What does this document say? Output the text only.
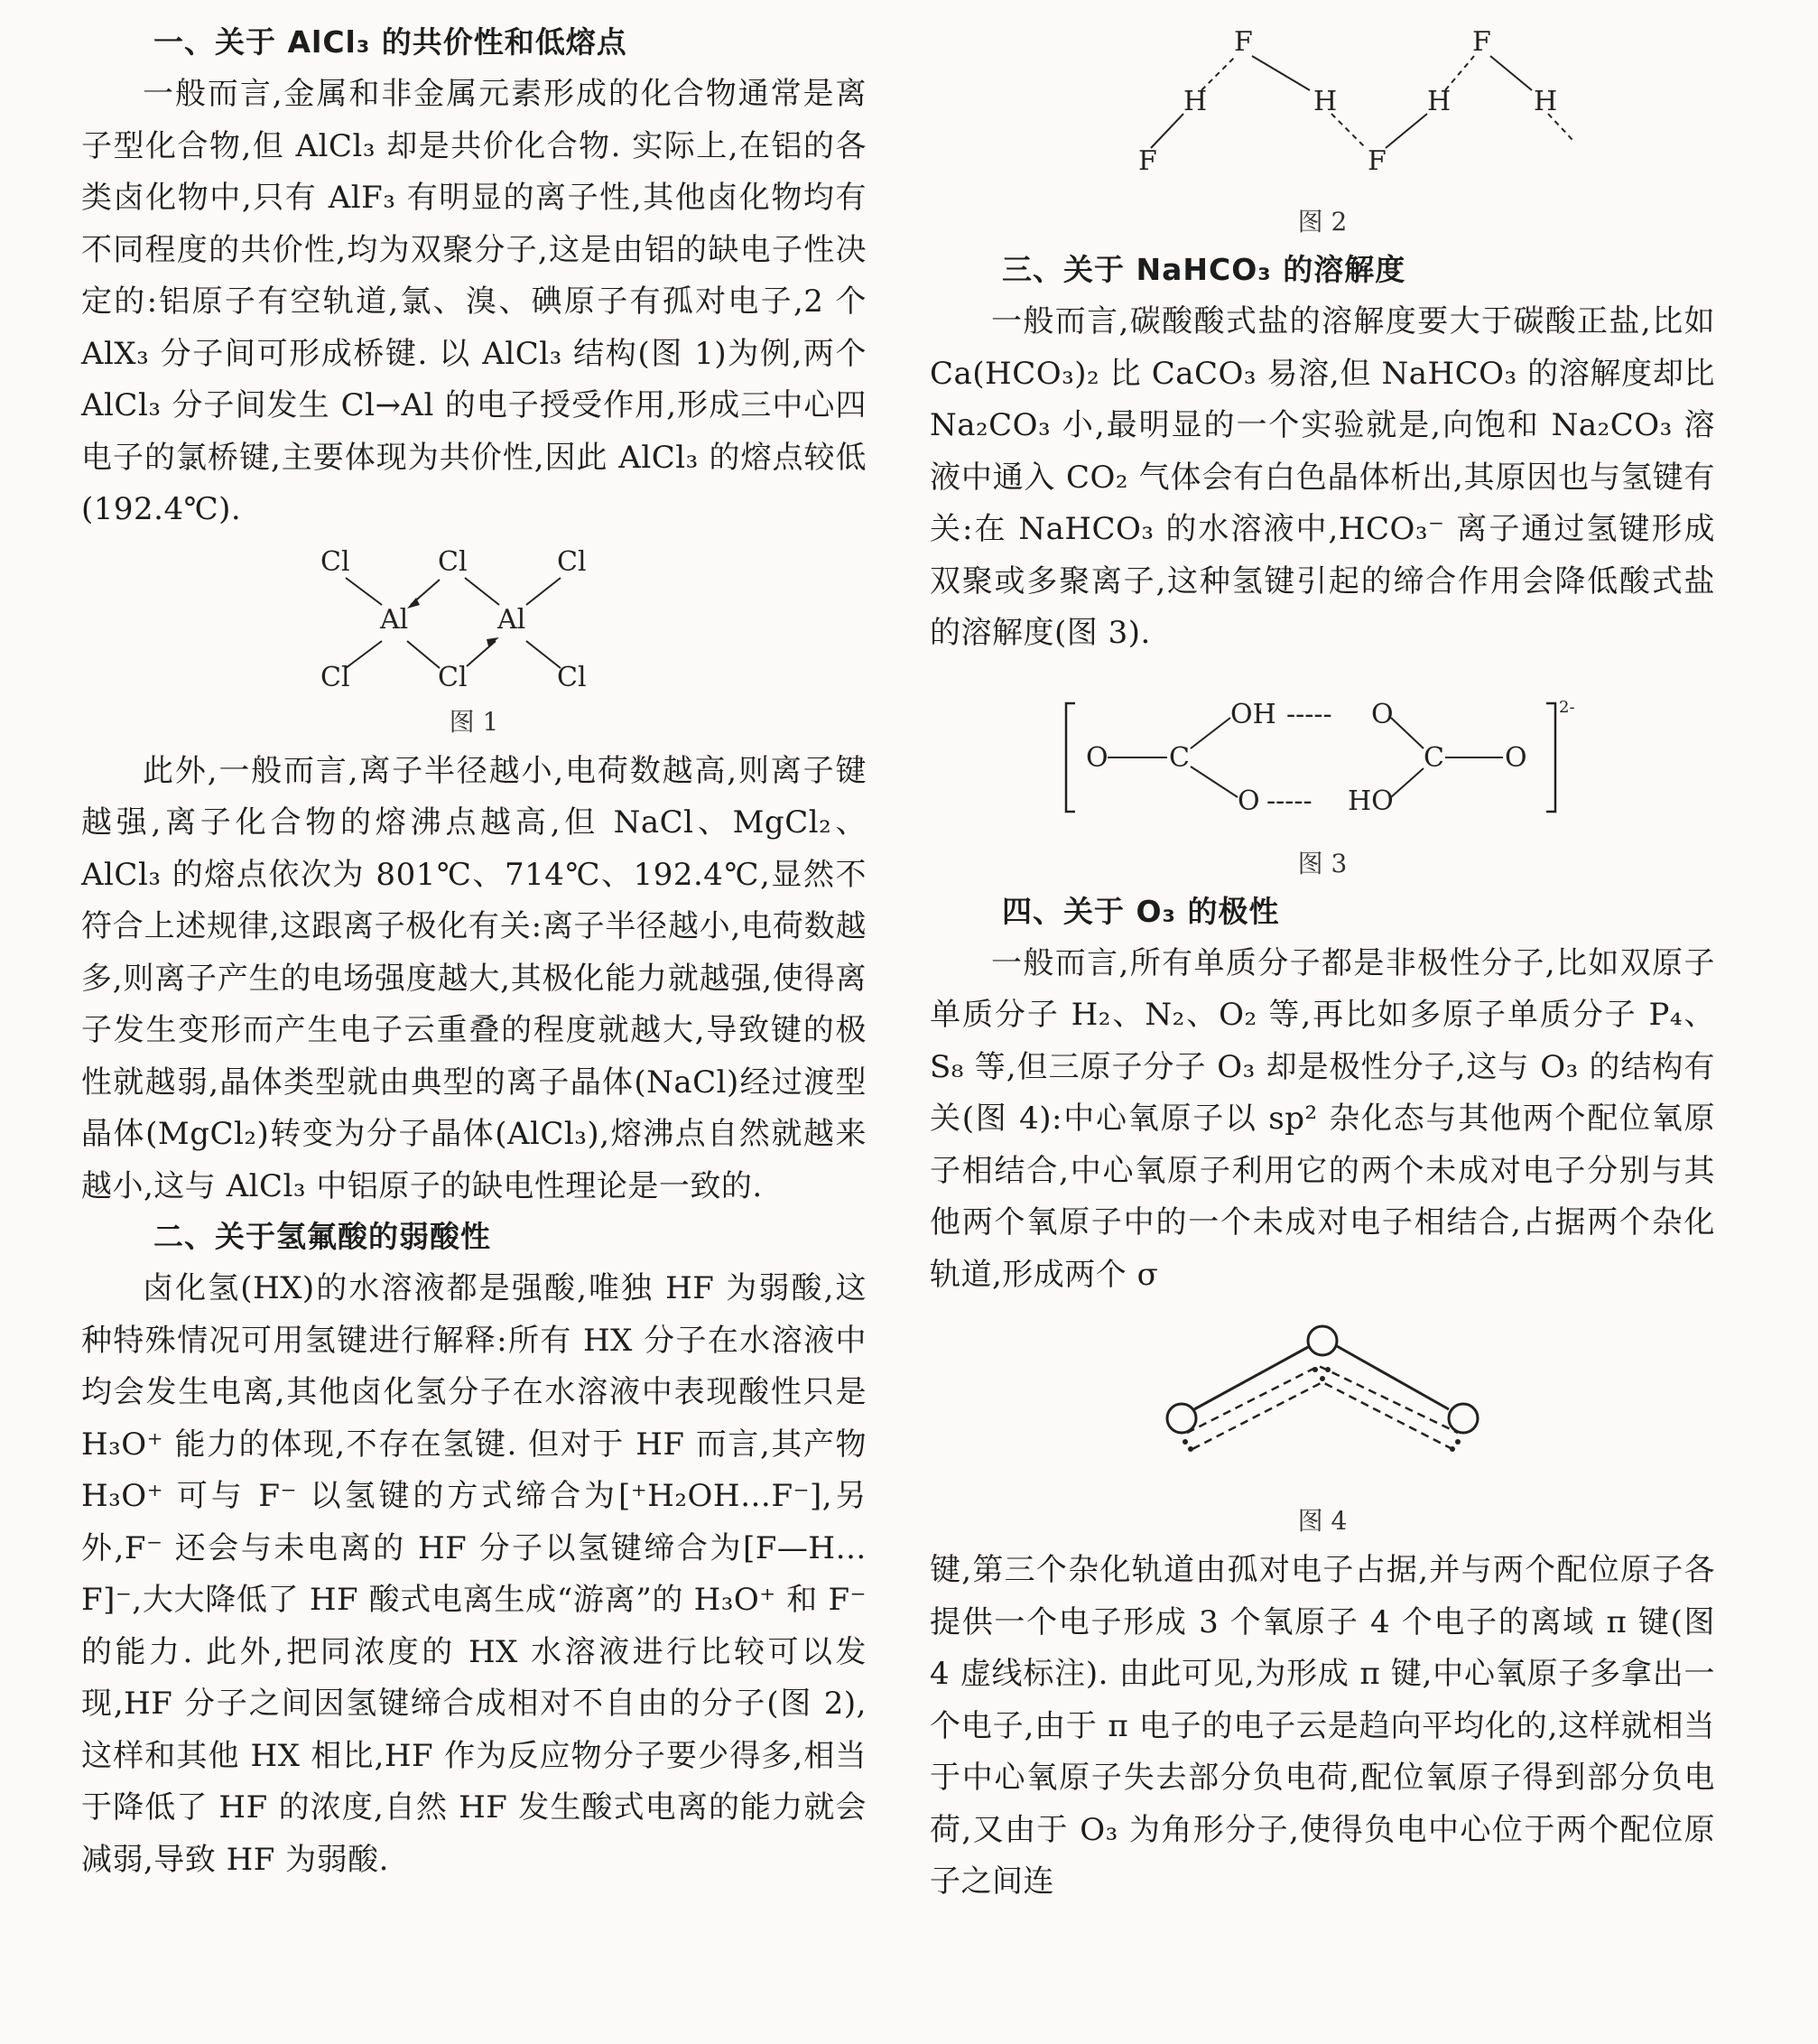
一、关于 AlCl₃ 的共价性和低熔点

一般而言,金属和非金属元素形成的化合物通常是离子型化合物,但 AlCl₃ 却是共价化合物. 实际上,在铝的各类卤化物中,只有 AlF₃ 有明显的离子性,其他卤化物均有不同程度的共价性,均为双聚分子,这是由铝的缺电子性决定的:铝原子有空轨道,氯、溴、碘原子有孤对电子,2 个 AlX₃ 分子间可形成桥键. 以 AlCl₃ 结构(图 1)为例,两个 AlCl₃ 分子间发生 Cl→Al 的电子授受作用,形成三中心四电子的氯桥键,主要体现为共价性,因此 AlCl₃ 的熔点较低(192.4℃).

Cl	Cl	Cl
Al	Al
Cl	Cl	Cl
图 1

此外,一般而言,离子半径越小,电荷数越高,则离子键越强,离子化合物的熔沸点越高,但 NaCl、MgCl₂、AlCl₃ 的熔点依次为 801℃、714℃、192.4℃,显然不符合上述规律,这跟离子极化有关:离子半径越小,电荷数越多,则离子产生的电场强度越大,其极化能力就越强,使得离子发生变形而产生电子云重叠的程度就越大,导致键的极性就越弱,晶体类型就由典型的离子晶体(NaCl)经过渡型晶体(MgCl₂)转变为分子晶体(AlCl₃),熔沸点自然就越来越小,这与 AlCl₃ 中铝原子的缺电性理论是一致的.

二、关于氢氟酸的弱酸性

卤化氢(HX)的水溶液都是强酸,唯独 HF 为弱酸,这种特殊情况可用氢键进行解释:所有 HX 分子在水溶液中均会发生电离,其他卤化氢分子在水溶液中表现酸性只是 H₃O⁺ 能力的体现,不存在氢键. 但对于 HF 而言,其产物 H₃O⁺ 可与 F⁻ 以氢键的方式缔合为[⁺H₂OH…F⁻],另外,F⁻ 还会与未电离的 HF 分子以氢键缔合为[F—H…F]⁻,大大降低了 HF 酸式电离生成“游离”的 H₃O⁺ 和 F⁻ 的能力. 此外,把同浓度的 HX 水溶液进行比较可以发现,HF 分子之间因氢键缔合成相对不自由的分子(图 2),这样和其他 HX 相比,HF 作为反应物分子要少得多,相当于降低了 HF 的浓度,自然 HF 发生酸式电离的能力就会减弱,导致 HF 为弱酸.

F	F
H	H	H	H
F	F
图 2
三、关于 NaHCO₃ 的溶解度

一般而言,碳酸酸式盐的溶解度要大于碳酸正盐,比如 Ca(HCO₃)₂ 比 CaCO₃ 易溶,但 NaHCO₃ 的溶解度却比 Na₂CO₃ 小,最明显的一个实验就是,向饱和 Na₂CO₃ 溶液中通入 CO₂ 气体会有白色晶体析出,其原因也与氢键有关:在 NaHCO₃ 的水溶液中,HCO₃⁻ 离子通过氢键形成双聚或多聚离子,这种氢键引起的缔合作用会降低酸式盐的溶解度(图 3).

2-
O C
OH ----- O
O ----- HO
C O
图 3
四、关于 O₃ 的极性

一般而言,所有单质分子都是非极性分子,比如双原子单质分子 H₂、N₂、O₂ 等,再比如多原子单质分子 P₄、S₈ 等,但三原子分子 O₃ 却是极性分子,这与 O₃ 的结构有关(图 4):中心氧原子以 sp² 杂化态与其他两个配位氧原子相结合,中心氧原子利用它的两个未成对电子分别与其他两个氧原子中的一个未成对电子相结合,占据两个杂化轨道,形成两个 σ

图 4

键,第三个杂化轨道由孤对电子占据,并与两个配位原子各提供一个电子形成 3 个氧原子 4 个电子的离域 π 键(图 4 虚线标注). 由此可见,为形成 π 键,中心氧原子多拿出一个电子,由于 π 电子的电子云是趋向平均化的,这样就相当于中心氧原子失去部分负电荷,配位氧原子得到部分负电荷,又由于 O₃ 为角形分子,使得负电中心位于两个配位原子之间连
